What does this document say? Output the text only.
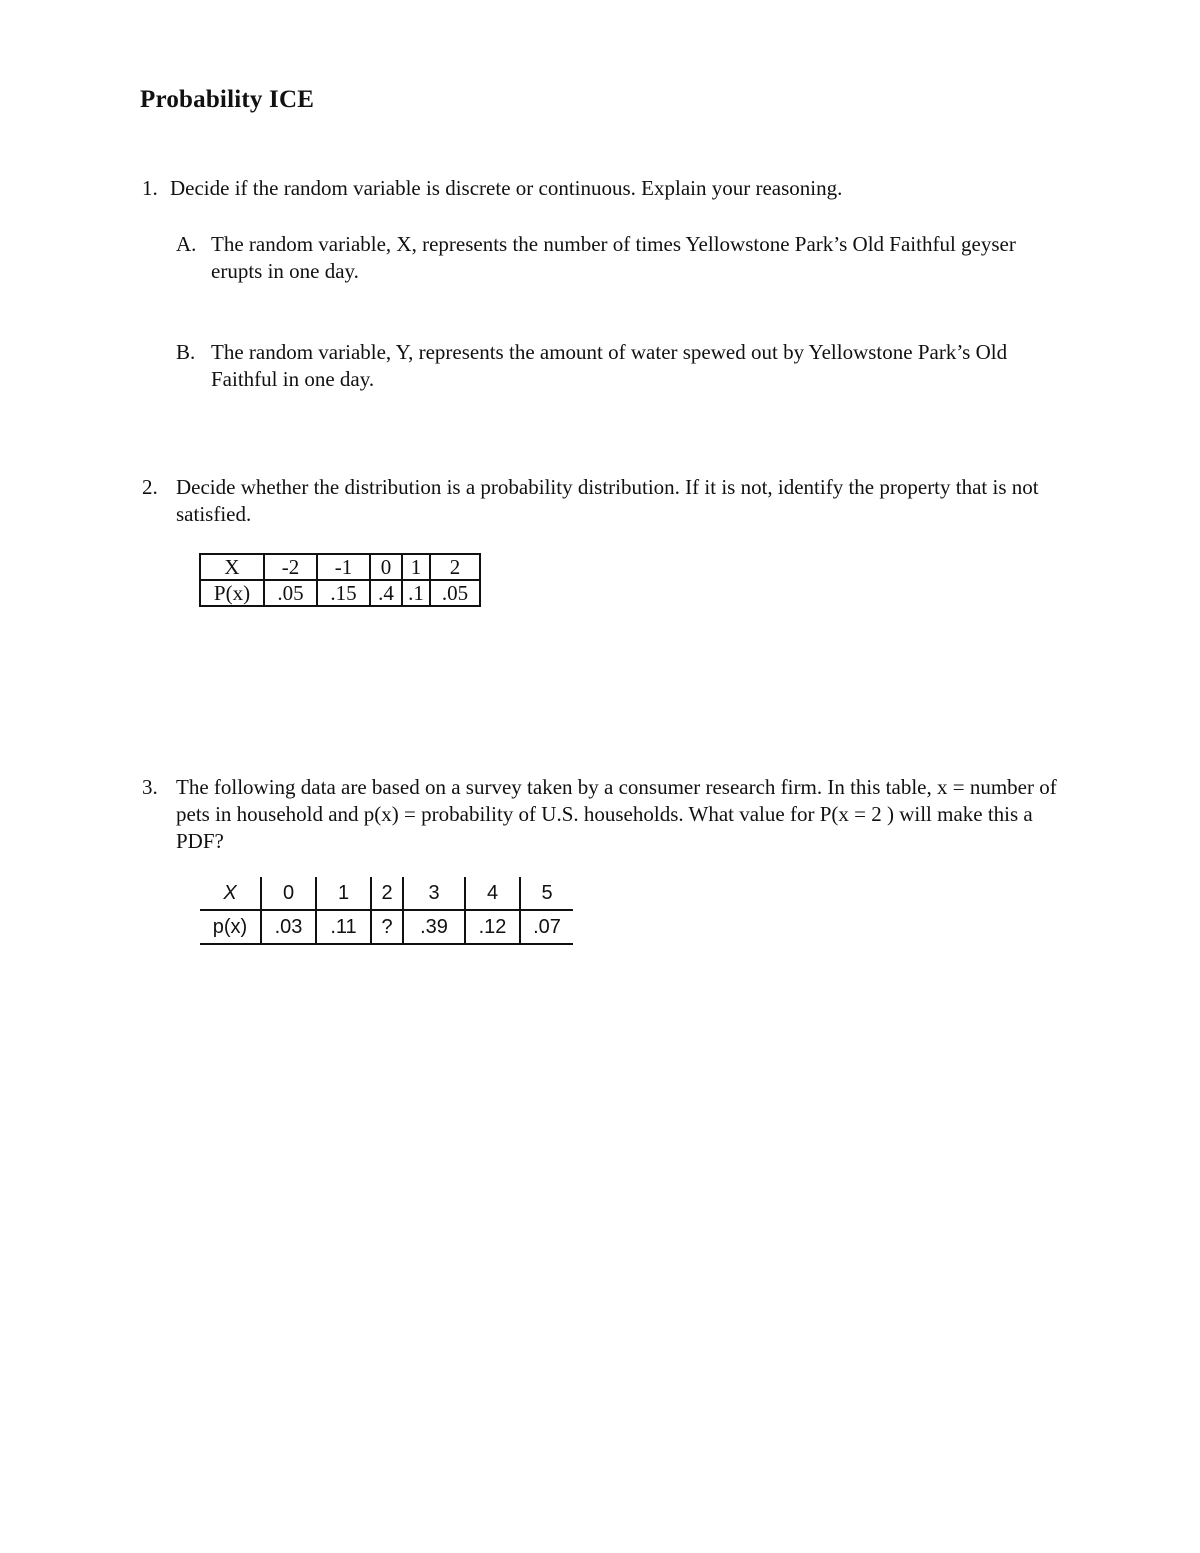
Probability ICE
1. Decide if the random variable is discrete or continuous. Explain your reasoning.
A. The random variable, X, represents the number of times Yellowstone Park’s Old Faithful geyser erupts in one day.
B. The random variable, Y, represents the amount of water spewed out by Yellowstone Park’s Old Faithful in one day.
2. Decide whether the distribution is a probability distribution. If it is not, identify the property that is not satisfied.
X	-2	-1	0	1	2
P(x)	.05	.15	.4	.1	.05
3. The following data are based on a survey taken by a consumer research firm. In this table, x = number of pets in household and p(x) = probability of U.S. households. What value for P(x = 2 ) will make this a PDF?
X	0	1	2	3	4	5
p(x)	.03	.11	?	.39	.12	.07
